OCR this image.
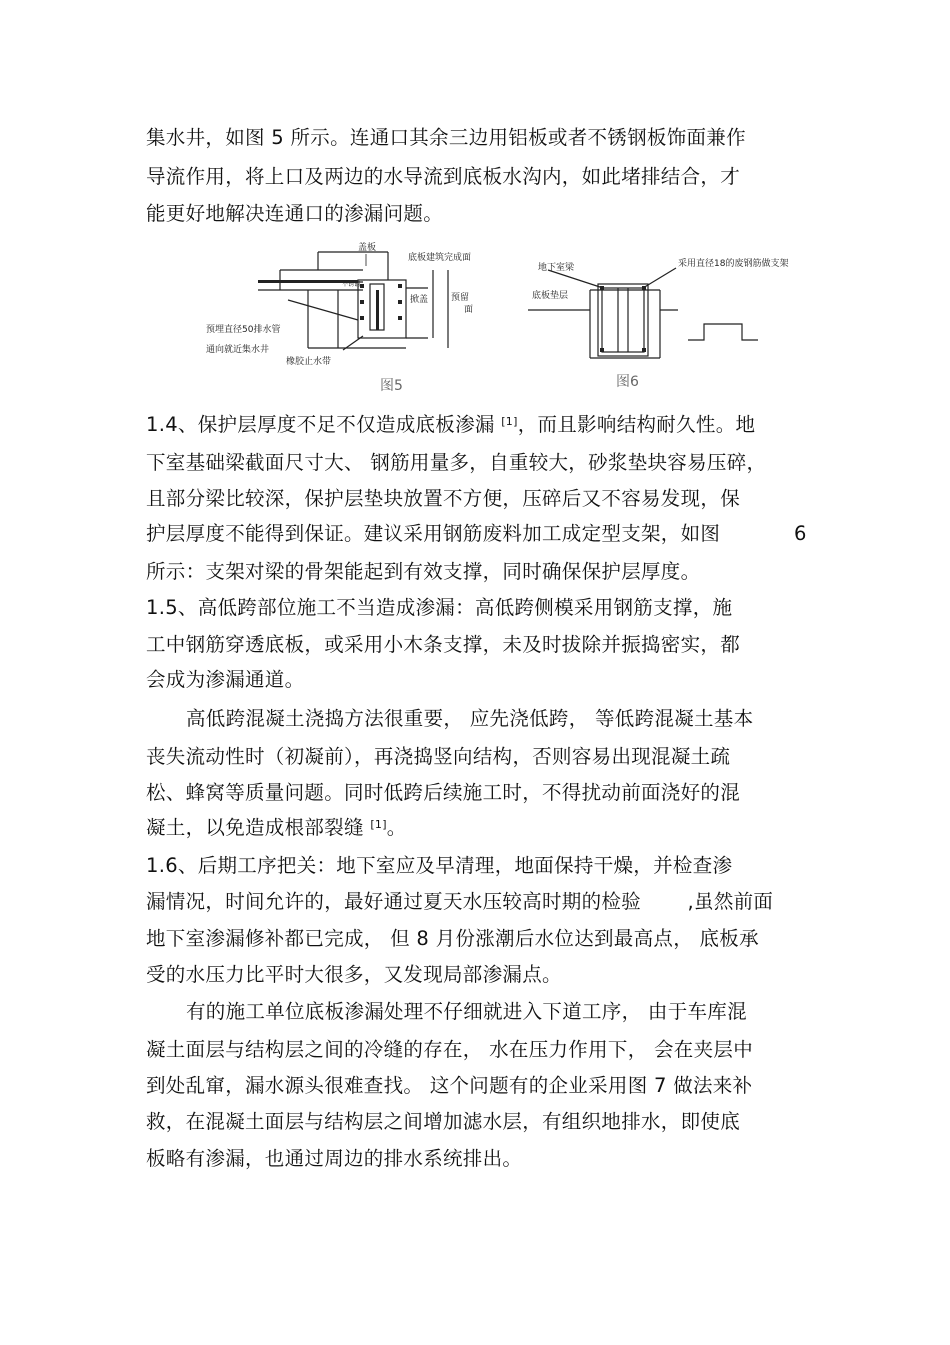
集水井，如图 5 所示。连通口其余三边用铝板或者不锈钢板饰面兼作
导流作用，将上口及两边的水导流到底板水沟内，如此堵排结合，才
能更好地解决连通口的渗漏问题。
盖板
底板建筑完成面
不锈钢
掀盖	预留
面
预埋直径50排水管
通向就近集水井
橡胶止水带
图5
地下室梁	采用直径18的废钢筋做支架
底板垫层
图6
1.4、保护层厚度不足不仅造成底板渗漏 [1]，而且影响结构耐久性。地
下室基础梁截面尺寸大、 钢筋用量多，自重较大，砂浆垫块容易压碎，
且部分梁比较深，保护层垫块放置不方便，压碎后又不容易发现，保
护层厚度不能得到保证。建议采用钢筋废料加工成定型支架，如图	6
所示：支架对梁的骨架能起到有效支撑，同时确保保护层厚度。
1.5、高低跨部位施工不当造成渗漏：高低跨侧模采用钢筋支撑，施
工中钢筋穿透底板，或采用小木条支撑，未及时拔除并振捣密实，都
会成为渗漏通道。
高低跨混凝土浇捣方法很重要， 应先浇低跨， 等低跨混凝土基本
丧失流动性时（初凝前），再浇捣竖向结构，否则容易出现混凝土疏
松、蜂窝等质量问题。同时低跨后续施工时，不得扰动前面浇好的混
凝土，以免造成根部裂缝 [1]。
1.6、后期工序把关：地下室应及早清理，地面保持干燥，并检查渗
漏情况，时间允许的，最好通过夏天水压较高时期的检验 ,虽然前面
地下室渗漏修补都已完成， 但 8 月份涨潮后水位达到最高点， 底板承
受的水压力比平时大很多，又发现局部渗漏点。
有的施工单位底板渗漏处理不仔细就进入下道工序， 由于车库混
凝土面层与结构层之间的冷缝的存在， 水在压力作用下， 会在夹层中
到处乱窜，漏水源头很难查找。 这个问题有的企业采用图 7 做法来补
救，在混凝土面层与结构层之间增加滤水层，有组织地排水，即使底
板略有渗漏，也通过周边的排水系统排出。
